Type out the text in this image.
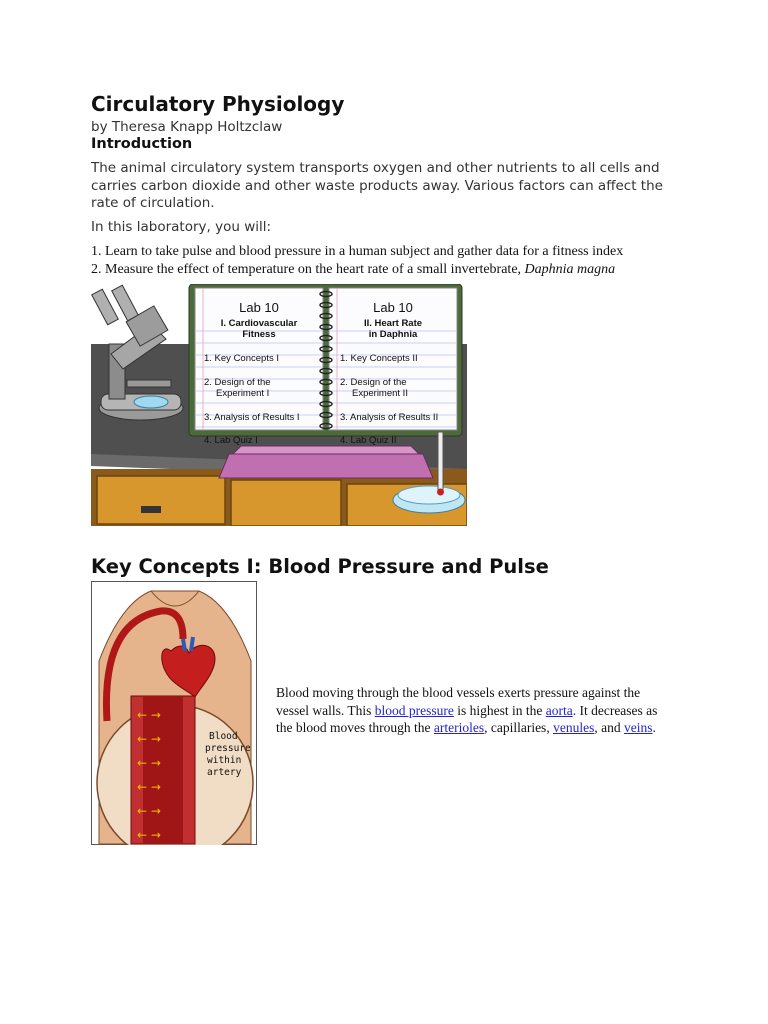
Circulatory Physiology
by Theresa Knapp Holtzclaw
Introduction

The animal circulatory system transports oxygen and other nutrients to all cells and carries carbon dioxide and other waste products away. Various factors can affect the rate of circulation.

In this laboratory, you will:

1. Learn to take pulse and blood pressure in a human subject and gather data for a fitness index
2. Measure the effect of temperature on the heart rate of a small invertebrate, Daphnia magna
Lab 10
I. Cardiovascular
Fitness
Lab 10
II. Heart Rate
in Daphnia
1. Key Concepts I
2. Design of the
Experiment I
3. Analysis of Results I
4. Lab Quiz I
1. Key Concepts II
2. Design of the
Experiment II
3. Analysis of Results II
4. Lab Quiz II
Key Concepts I: Blood Pressure and Pulse
← →
← →
← →
← →
← →
← →
Blood
pressure
within
artery

Blood moving through the blood vessels exerts pressure against the vessel walls. This blood pressure is highest in the aorta. It decreases as the blood moves through the arterioles, capillaries, venules, and veins.
